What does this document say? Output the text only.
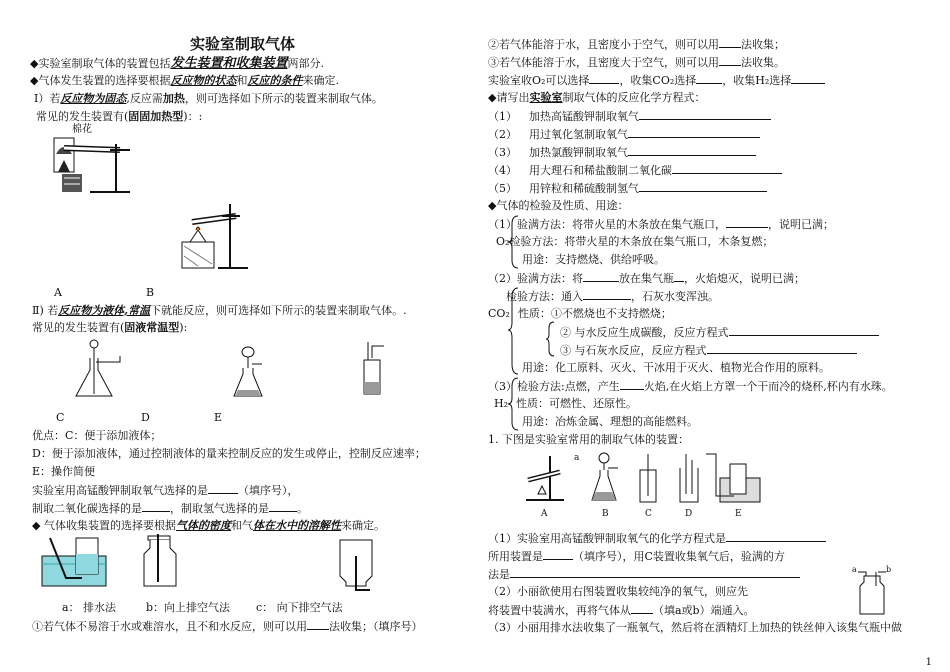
实验室制取气体
◆实验室制取气体的装置包括发生装置和收集装置两部分.
◆气体发生装置的选择要根据反应物的状态和反应的条件来确定.
Ⅰ）若反应物为固态,反应需加热，则可选择如下所示的装置来制取气体。
常见的发生装置有(固固加热型)：:
棉花
A	B
Ⅱ) 若反应物为液体,常温下就能反应，则可选择如下所示的装置来制取气体。.
常见的发生装置有(固液常温型):
C	D	E
优点：C：便于添加液体；
D：便于添加液体，通过控制液体的量来控制反应的发生或停止，控制反应速率；
E：操作简便
实验室用高锰酸钾制取氧气选择的是	（填序号），
制取二氧化碳选择的是	，制取氢气选择的是	。
◆ 气体收集装置的选择要根据气体的密度和气体在水中的溶解性来确定。
a： 排水法	b：向上排空气法 c： 向下排空气法
①若气体不易溶于水或难溶水，且不和水反应，则可以用 法收集；（填序号）
②若气体能溶于水，且密度小于空气，则可以用 法收集；
③若气体能溶于水，且密度大于空气，则可以用 法收集。
实验室收O₂可以选择	，收集CO₂选择 ，收集H₂选择
◆请写出实验室制取气体的反应化学方程式：
（1） 加热高锰酸钾制取氧气
（2） 用过氧化氢制取氧气
（3） 加热氯酸钾制取氧气
（4） 用大理石和稀盐酸制二氧化碳
（5） 用锌粒和稀硫酸制氢气
◆气体的检验及性质、用途：
（1）验满方法：将带火星的木条放在集气瓶口，	，说明已满；
O₂检验方法：将带火星的木条放在集气瓶口，木条复燃；
用途：支持燃烧、供给呼吸。
（2）验满方法：将	放在集气瓶 ，火焰熄灭，说明已满；
检验方法：通入	，石灰水变浑浊。
CO₂ 性质：①不燃烧也不支持燃烧；
② 与水反应生成碳酸，反应方程式
③ 与石灰水反应，反应方程式
用途：化工原料、灭火、干冰用于灭火、植物光合作用的原料。
（3）检验方法:点燃，产生 火焰,在火焰上方罩一个干而冷的烧杯,杯内有水珠。
H₂ 性质：可燃性、还原性。
用途：冶炼金属、理想的高能燃料。
1. 下图是实验室常用的制取气体的装置：
A	B	C	D	E
a
（1）实验室用高锰酸钾制取氧气的化学方程式是
所用装置是	（填序号），用C装置收集氧气后，验满的方
法是
（2）小丽欲使用右图装置收集较纯净的氧气，则应先
将装置中装满水，再将气体从 （填a或b）端通入。
（3）小丽用排水法收集了一瓶氧气，然后将在酒精灯上加热的铁丝伸入该集气瓶中做
a	b
1
